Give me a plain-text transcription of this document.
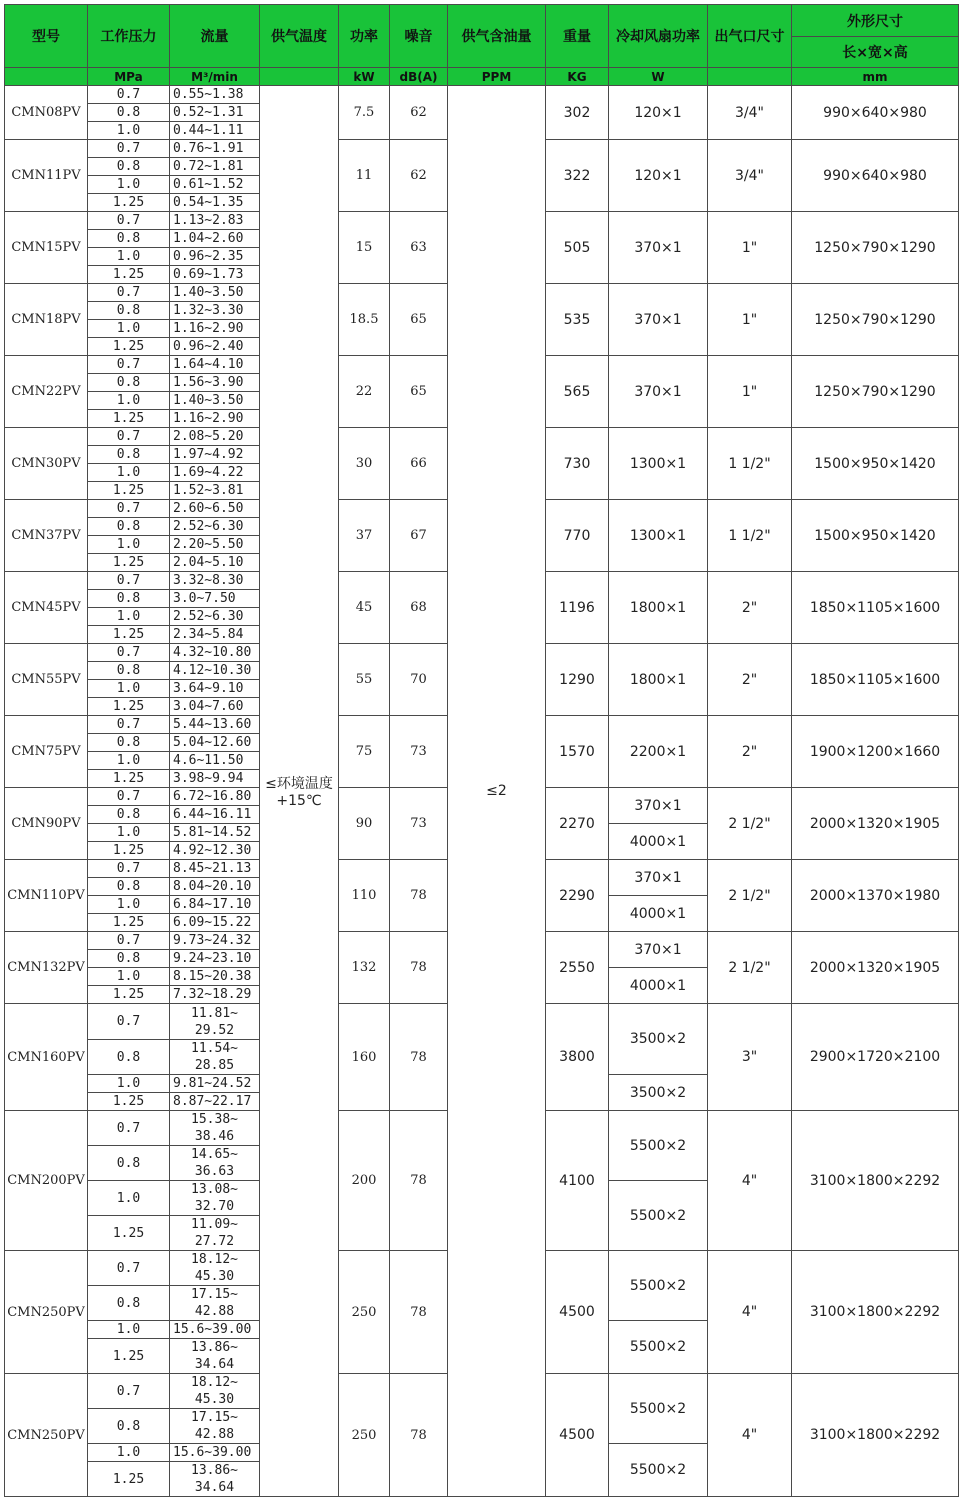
型号	工作压力	流量	供气温度	功率	噪音	供气含油量	重量	冷却风扇功率	出气口尺寸	外形尺寸
										长×宽×高
	MPa	M³/min		kW	dB(A)	PPM	KG	W		mm
CMN08PV	0.7	0.55~1.38	≤环境温度+15℃	7.5	62	≤2	302	120×1	3/4"	990×640×980
	0.8	0.52~1.31								
	1.0	0.44~1.11								
CMN11PV	0.7	0.76~1.91		11	62		322	120×1	3/4"	990×640×980
	0.8	0.72~1.81								
	1.0	0.61~1.52								
	1.25	0.54~1.35								
CMN15PV	0.7	1.13~2.83		15	63		505	370×1	1"	1250×790×1290
	0.8	1.04~2.60								
	1.0	0.96~2.35								
	1.25	0.69~1.73								
CMN18PV	0.7	1.40~3.50		18.5	65		535	370×1	1"	1250×790×1290
	0.8	1.32~3.30								
	1.0	1.16~2.90								
	1.25	0.96~2.40								
CMN22PV	0.7	1.64~4.10		22	65		565	370×1	1"	1250×790×1290
	0.8	1.56~3.90								
	1.0	1.40~3.50								
	1.25	1.16~2.90								
CMN30PV	0.7	2.08~5.20		30	66		730	1300×1	1 1/2"	1500×950×1420
	0.8	1.97~4.92								
	1.0	1.69~4.22								
	1.25	1.52~3.81								
CMN37PV	0.7	2.60~6.50		37	67		770	1300×1	1 1/2"	1500×950×1420
	0.8	2.52~6.30								
	1.0	2.20~5.50								
	1.25	2.04~5.10								
CMN45PV	0.7	3.32~8.30		45	68		1196	1800×1	2"	1850×1105×1600
	0.8	3.0~7.50								
	1.0	2.52~6.30								
	1.25	2.34~5.84								
CMN55PV	0.7	4.32~10.80		55	70		1290	1800×1	2"	1850×1105×1600
	0.8	4.12~10.30								
	1.0	3.64~9.10								
	1.25	3.04~7.60								
CMN75PV	0.7	5.44~13.60		75	73		1570	2200×1	2"	1900×1200×1660
	0.8	5.04~12.60								
	1.0	4.6~11.50								
	1.25	3.98~9.94								
CMN90PV	0.7	6.72~16.80		90	73		2270	370×1	2 1/2"	2000×1320×1905
	0.8	6.44~16.11								
	1.0	5.81~14.52						4000×1		
	1.25	4.92~12.30								
CMN110PV	0.7	8.45~21.13		110	78		2290	370×1	2 1/2"	2000×1370×1980
	0.8	8.04~20.10								
	1.0	6.84~17.10						4000×1		
	1.25	6.09~15.22								
CMN132PV	0.7	9.73~24.32		132	78		2550	370×1	2 1/2"	2000×1320×1905
	0.8	9.24~23.10								
	1.0	8.15~20.38						4000×1		
	1.25	7.32~18.29								
CMN160PV	0.7	11.81~ 29.52		160	78		3800	3500×2	3"	2900×1720×2100
	0.8	11.54~ 28.85								
	1.0	9.81~24.52						3500×2		
	1.25	8.87~22.17								
CMN200PV	0.7	15.38~ 38.46		200	78		4100	5500×2	4"	3100×1800×2292
	0.8	14.65~ 36.63								
	1.0	13.08~ 32.70						5500×2		
	1.25	11.09~ 27.72								
CMN250PV	0.7	18.12~ 45.30		250	78		4500	5500×2	4"	3100×1800×2292
	0.8	17.15~ 42.88								
	1.0	15.6~39.00						5500×2		
	1.25	13.86~ 34.64								
CMN250PV	0.7	18.12~ 45.30		250	78		4500	5500×2	4"	3100×1800×2292
	0.8	17.15~ 42.88								
	1.0	15.6~39.00						5500×2		
	1.25	13.86~ 34.64								
